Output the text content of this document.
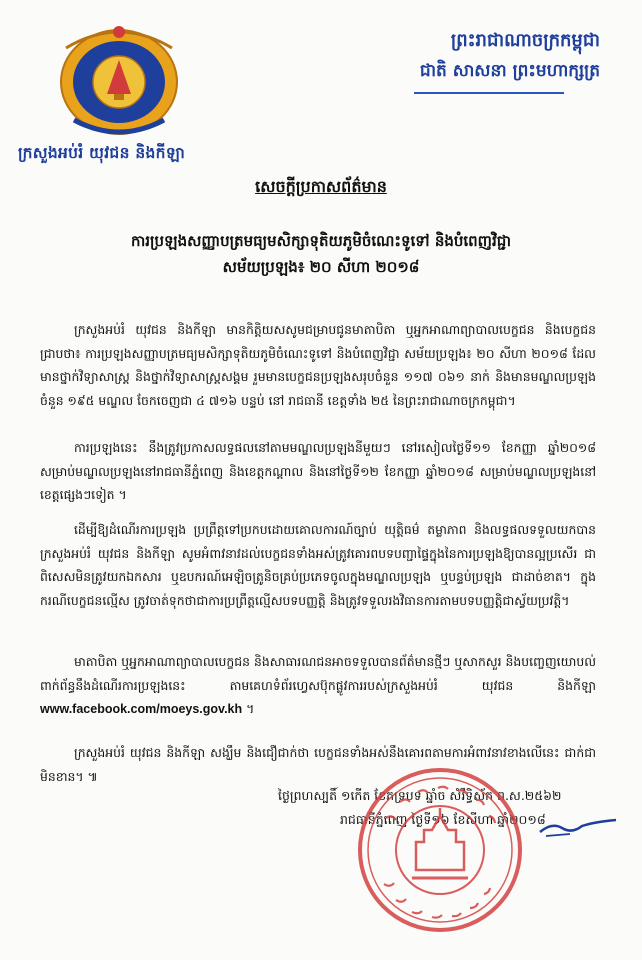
ក្រសួងអប់រំ យុវជន និងកីឡា
ព្រះរាជាណាចក្រកម្ពុជា
ជាតិ សាសនា ព្រះមហាក្សត្រ
សេចក្ដីប្រកាសព័ត៌មាន
ការប្រឡងសញ្ញាបត្រមធ្យមសិក្សាទុតិយភូមិចំណេះទូទៅ និងបំពេញវិជ្ជា
សម័យប្រឡង៖ ២០ សីហា ២០១៨
ក្រសួងអប់រំ យុវជន និងកីឡា មានកិត្តិយសសូមជម្រាបជូនមាតាបិតា ឬអ្នកអាណាព្យាបាលបេក្ខជន និងបេក្ខជនជ្រាបថា៖ ការប្រឡងសញ្ញាបត្រមធ្យមសិក្សាទុតិយភូមិចំណេះទូទៅ និងបំពេញវិជ្ជា សម័យប្រឡង៖ ២០ សីហា ២០១៨ ដែលមានថ្នាក់វិទ្យាសាស្ត្រ និងថ្នាក់វិទ្យាសាស្ត្រសង្គម រួមមានបេក្ខជនប្រឡងសរុបចំនួន ១១៧ ០៦១ នាក់ និងមានមណ្ឌលប្រឡងចំនួន ១៩៥ មណ្ឌល ចែកចេញជា ៤ ៧១៦ បន្ទប់ នៅ រាជធានី ខេត្តទាំង ២៥ នៃព្រះរាជាណាចក្រកម្ពុជា។
ការប្រឡងនេះ នឹងត្រូវប្រកាសលទ្ធផលនៅតាមមណ្ឌលប្រឡងនីមួយៗ នៅរសៀលថ្ងៃទី១១ ខែកញ្ញា ឆ្នាំ២០១៨ សម្រាប់មណ្ឌលប្រឡងនៅរាជធានីភ្នំពេញ និងខេត្តកណ្ដាល និងនៅថ្ងៃទី១២ ខែកញ្ញា ឆ្នាំ២០១៨ សម្រាប់មណ្ឌលប្រឡងនៅខេត្តផ្សេងៗទៀត ។
ដើម្បីឱ្យដំណើរការប្រឡង ប្រព្រឹត្តទៅប្រកបដោយគោលការណ៍ច្បាប់ យុត្តិធម៌ តម្លាភាព និងលទ្ធផលទទួលយកបាន ក្រសួងអប់រំ យុវជន និងកីឡា សូមអំពាវនាវដល់បេក្ខជនទាំងអស់ត្រូវគោរពបទបញ្ជាផ្ទៃក្នុងនៃការប្រឡងឱ្យបានល្អប្រសើរ ជាពិសេសមិនត្រូវយកឯកសារ ឬឧបករណ៍អេឡិចត្រូនិចគ្រប់ប្រភេទចូលក្នុងមណ្ឌលប្រឡង ឬបន្ទប់ប្រឡង ជាដាច់ខាត។ ក្នុងករណីបេក្ខជនល្មើស ត្រូវចាត់ទុកថាជាការប្រព្រឹត្តល្មើសបទបញ្ញត្តិ និងត្រូវទទួលរងវិធានការតាមបទបញ្ញត្តិជាស្វ័យប្រវត្តិ។
មាតាបិតា ឬអ្នកអាណាព្យាបាលបេក្ខជន និងសាធារណជនអាចទទួលបានព័ត៌មានថ្មីៗ ឬសាកសួរ និងបញ្ចេញយោបល់ពាក់ព័ន្ធនឹងដំណើរការប្រឡងនេះ តាមគេហទំព័រហ្វេសប៊ុកផ្លូវការរបស់ក្រសួងអប់រំ យុវជន និងកីឡា www.facebook.com/moeys.gov.kh ។
ក្រសួងអប់រំ យុវជន និងកីឡា សង្ឃឹម និងជឿជាក់ថា បេក្ខជនទាំងអស់នឹងគោរពតាមការអំពាវនាវខាងលើនេះ ជាក់ជាមិនខាន។ ៕
ថ្ងៃព្រហស្បតិ៍ ១កើត ខែភទ្របទ ឆ្នាំច សំរឹទ្ធិស័ក ព.ស.២៥៦២
រាជធានីភ្នំពេញ ថ្ងៃទី១៦ ខែសីហា ឆ្នាំ២០១៨
